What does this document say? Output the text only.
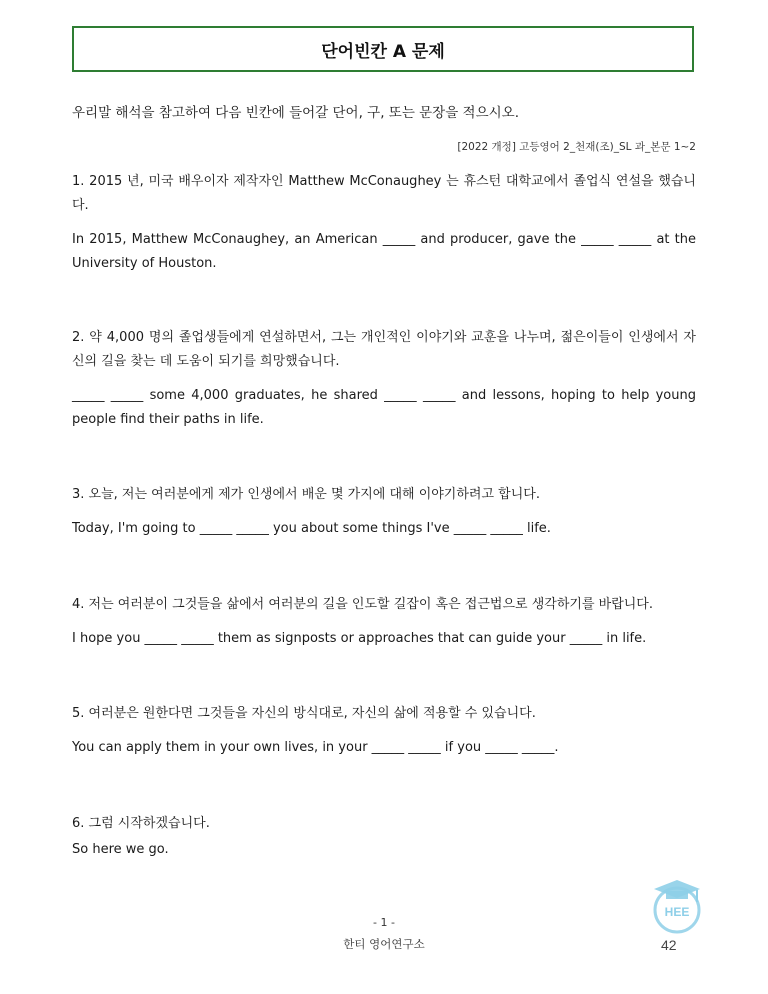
단어빈칸 A 문제
우리말 해석을 참고하여 다음 빈칸에 들어갈 단어, 구, 또는 문장을 적으시오.
[2022 개정] 고등영어 2_천재(조)_SL 과_본문 1~2
1. 2015 년, 미국 배우이자 제작자인 Matthew McConaughey 는 휴스턴 대학교에서 졸업식 연설을 했습니다.
In 2015, Matthew McConaughey, an American _____ and producer, gave the _____ _____ at the University of Houston.
2. 약 4,000 명의 졸업생들에게 연설하면서, 그는 개인적인 이야기와 교훈을 나누며, 젊은이들이 인생에서 자신의 길을 찾는 데 도움이 되기를 희망했습니다.
_____ _____ some 4,000 graduates, he shared _____ _____ and lessons, hoping to help young people find their paths in life.
3. 오늘, 저는 여러분에게 제가 인생에서 배운 몇 가지에 대해 이야기하려고 합니다.
Today, I'm going to _____ _____ you about some things I've _____ _____ life.
4. 저는 여러분이 그것들을 삶에서 여러분의 길을 인도할 길잡이 혹은 접근법으로 생각하기를 바랍니다.
I hope you _____ _____ them as signposts or approaches that can guide your _____ in life.
5. 여러분은 원한다면 그것들을 자신의 방식대로, 자신의 삶에 적용할 수 있습니다.
You can apply them in your own lives, in your _____ _____ if you _____ _____.
6. 그럼 시작하겠습니다.
So here we go.
- 1 -
한티 영어연구소
HEE
42
